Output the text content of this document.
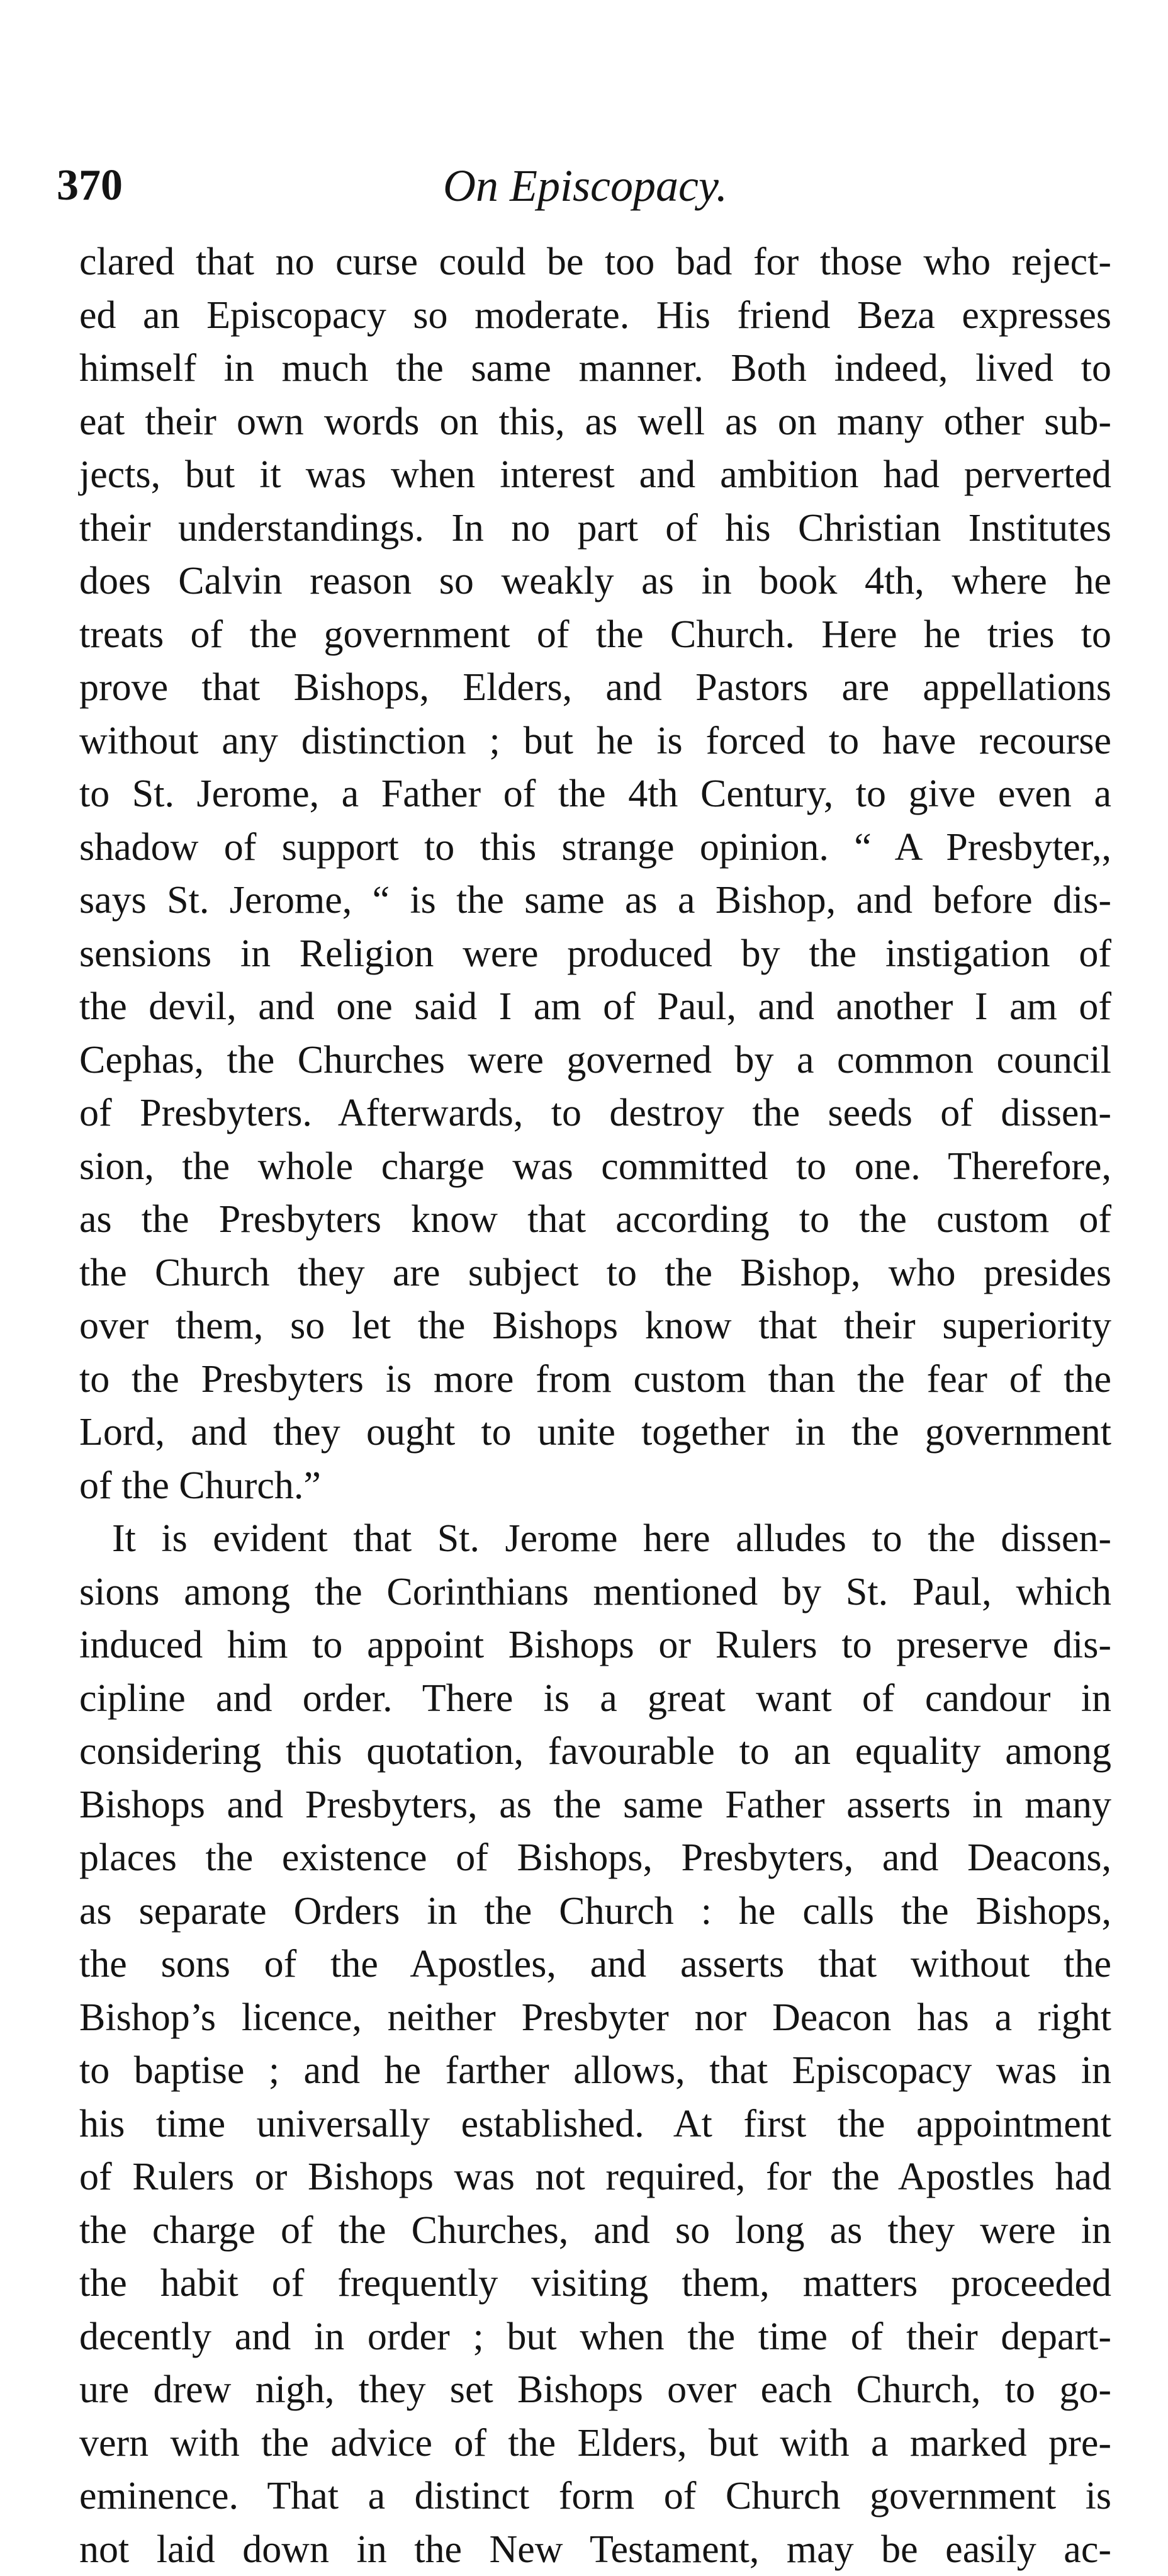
370	On Episcopacy.
clared that no curse could be too bad for those who reject-
ed an Episcopacy so moderate. His friend Beza expresses
himself in much the same manner. Both indeed, lived to
eat their own words on this, as well as on many other sub-
jects, but it was when interest and ambition had perverted
their understandings. In no part of his Christian Institutes
does Calvin reason so weakly as in book 4th, where he
treats of the government of the Church. Here he tries to
prove that Bishops, Elders, and Pastors are appellations
without any distinction ; but he is forced to have recourse
to St. Jerome, a Father of the 4th Century, to give even a
shadow of support to this strange opinion. “ A Presbyter,,
says St. Jerome, “ is the same as a Bishop, and before dis-
sensions in Religion were produced by the instigation of
the devil, and one said I am of Paul, and another I am of
Cephas, the Churches were governed by a common council
of Presbyters. Afterwards, to destroy the seeds of dissen-
sion, the whole charge was committed to one. Therefore,
as the Presbyters know that according to the custom of
the Church they are subject to the Bishop, who presides
over them, so let the Bishops know that their superiority
to the Presbyters is more from custom than the fear of the
Lord, and they ought to unite together in the government
of the Church.”
It is evident that St. Jerome here alludes to the dissen-
sions among the Corinthians mentioned by St. Paul, which
induced him to appoint Bishops or Rulers to preserve dis-
cipline and order. There is a great want of candour in
considering this quotation, favourable to an equality among
Bishops and Presbyters, as the same Father asserts in many
places the existence of Bishops, Presbyters, and Deacons,
as separate Orders in the Church : he calls the Bishops,
the sons of the Apostles, and asserts that without the
Bishop’s licence, neither Presbyter nor Deacon has a right
to baptise ; and he farther allows, that Episcopacy was in
his time universally established. At first the appointment
of Rulers or Bishops was not required, for the Apostles had
the charge of the Churches, and so long as they were in
the habit of frequently visiting them, matters proceeded
decently and in order ; but when the time of their depart-
ure drew nigh, they set Bishops over each Church, to go-
vern with the advice of the Elders, but with a marked pre-
eminence. That a distinct form of Church government is
not laid down in the New Testament, may be easily ac-
